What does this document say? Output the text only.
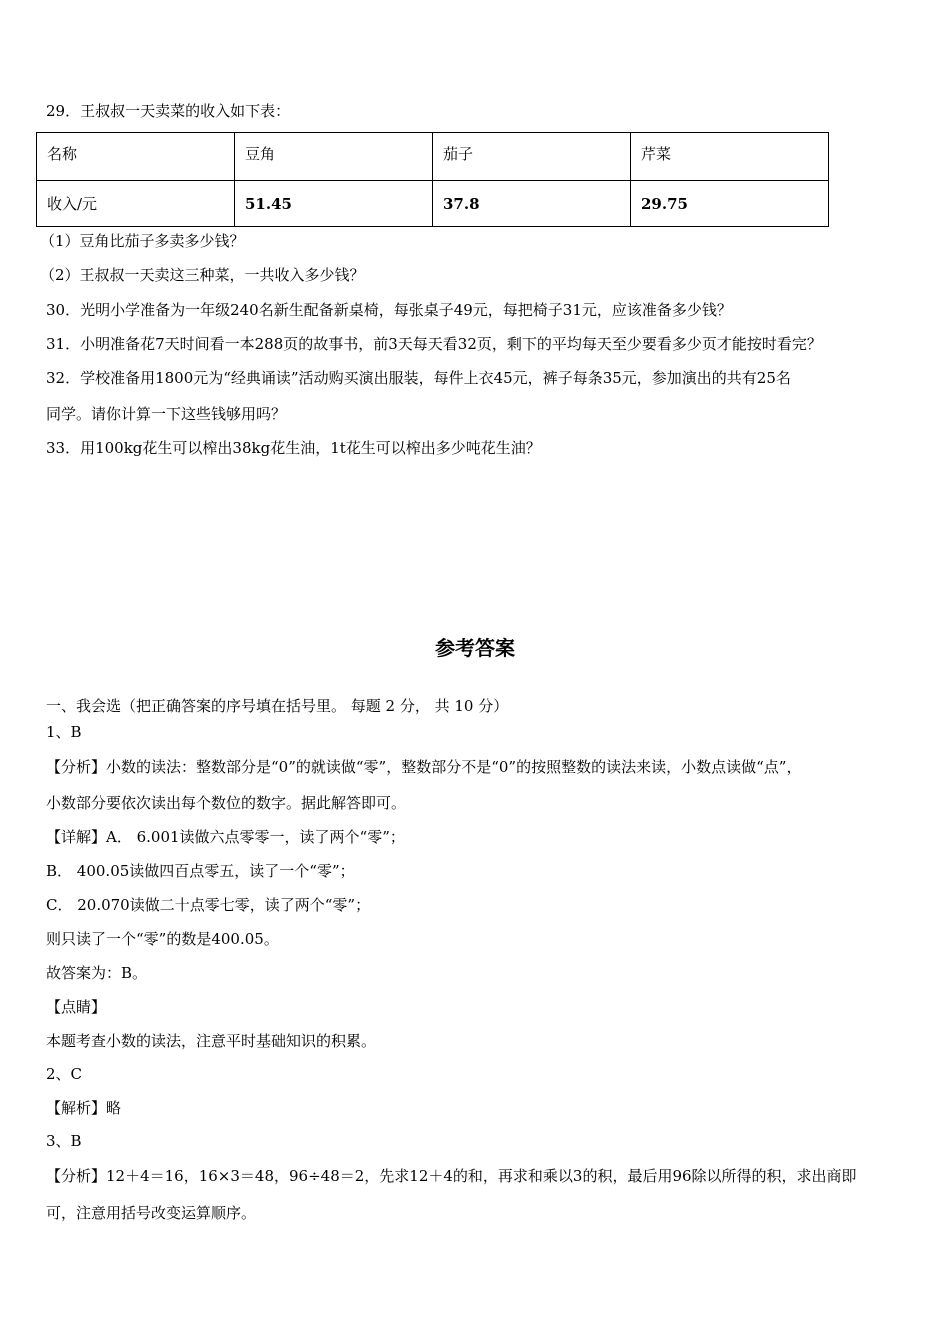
29．王叔叔一天卖菜的收入如下表：
名称	豆角	茄子	芹菜
收入/元	51.45	37.8	29.75
（1）豆角比茄子多卖多少钱？
（2）王叔叔一天卖这三种菜，一共收入多少钱？
30．光明小学准备为一年级240名新生配备新桌椅，每张桌子49元，每把椅子31元，应该准备多少钱？
31．小明准备花7天时间看一本288页的故事书，前3天每天看32页，剩下的平均每天至少要看多少页才能按时看完？
32．学校准备用1800元为“经典诵读”活动购买演出服装，每件上衣45元，裤子每条35元，参加演出的共有25名
同学。请你计算一下这些钱够用吗？
33．用100kg花生可以榨出38kg花生油，1t花生可以榨出多少吨花生油？
参考答案
一、我会选（把正确答案的序号填在括号里。 每题 2 分， 共 10 分）
1、B
【分析】小数的读法：整数部分是“0”的就读做“零”，整数部分不是“0”的按照整数的读法来读，小数点读做“点”，
小数部分要依次读出每个数位的数字。据此解答即可。
【详解】A． 6.001读做六点零零一，读了两个“零”；
B． 400.05读做四百点零五，读了一个“零”；
C． 20.070读做二十点零七零，读了两个“零”；
则只读了一个“零”的数是400.05。
故答案为：B。
【点睛】
本题考查小数的读法，注意平时基础知识的积累。
2、C
【解析】略
3、B
【分析】12＋4＝16，16×3＝48，96÷48＝2，先求12＋4的和，再求和乘以3的积，最后用96除以所得的积，求出商即
可，注意用括号改变运算顺序。
